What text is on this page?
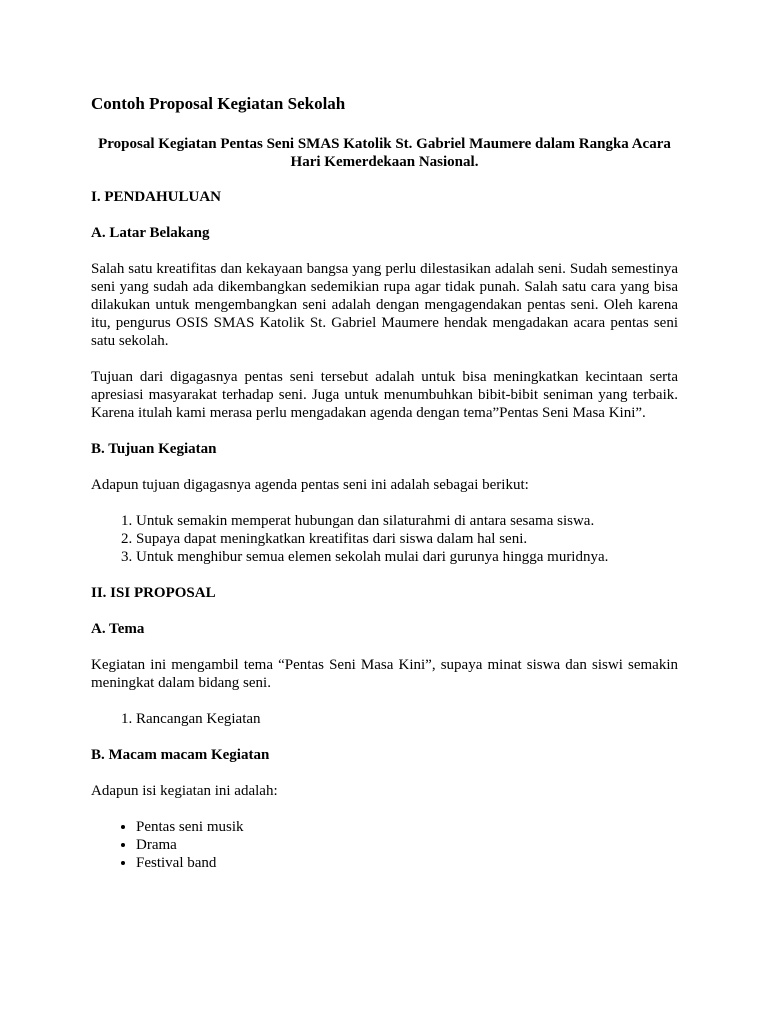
Contoh Proposal Kegiatan Sekolah
Proposal Kegiatan Pentas Seni SMAS Katolik St. Gabriel Maumere dalam Rangka Acara Hari Kemerdekaan Nasional.
I. PENDAHULUAN
A. Latar Belakang

Salah satu kreatifitas dan kekayaan bangsa yang perlu dilestasikan adalah seni. Sudah semestinya seni yang sudah ada dikembangkan sedemikian rupa agar tidak punah. Salah satu cara yang bisa dilakukan untuk mengembangkan seni adalah dengan mengagendakan pentas seni. Oleh karena itu, pengurus OSIS SMAS Katolik St. Gabriel Maumere hendak mengadakan acara pentas seni satu sekolah.

Tujuan dari digagasnya pentas seni tersebut adalah untuk bisa meningkatkan kecintaan serta apresiasi masyarakat terhadap seni. Juga untuk menumbuhkan bibit-bibit seniman yang terbaik. Karena itulah kami merasa perlu mengadakan agenda dengan tema”Pentas Seni Masa Kini”.

B. Tujuan Kegiatan

Adapun tujuan digagasnya agenda pentas seni ini adalah sebagai berikut:

1. Untuk semakin memperat hubungan dan silaturahmi di antara sesama siswa.
2. Supaya dapat meningkatkan kreatifitas dari siswa dalam hal seni.
3. Untuk menghibur semua elemen sekolah mulai dari gurunya hingga muridnya.
II. ISI PROPOSAL
A. Tema

Kegiatan ini mengambil tema “Pentas Seni Masa Kini”, supaya minat siswa dan siswi semakin meningkat dalam bidang seni.

1. Rancangan Kegiatan
B. Macam macam Kegiatan

Adapun isi kegiatan ini adalah:

• Pentas seni musik
• Drama
• Festival band
